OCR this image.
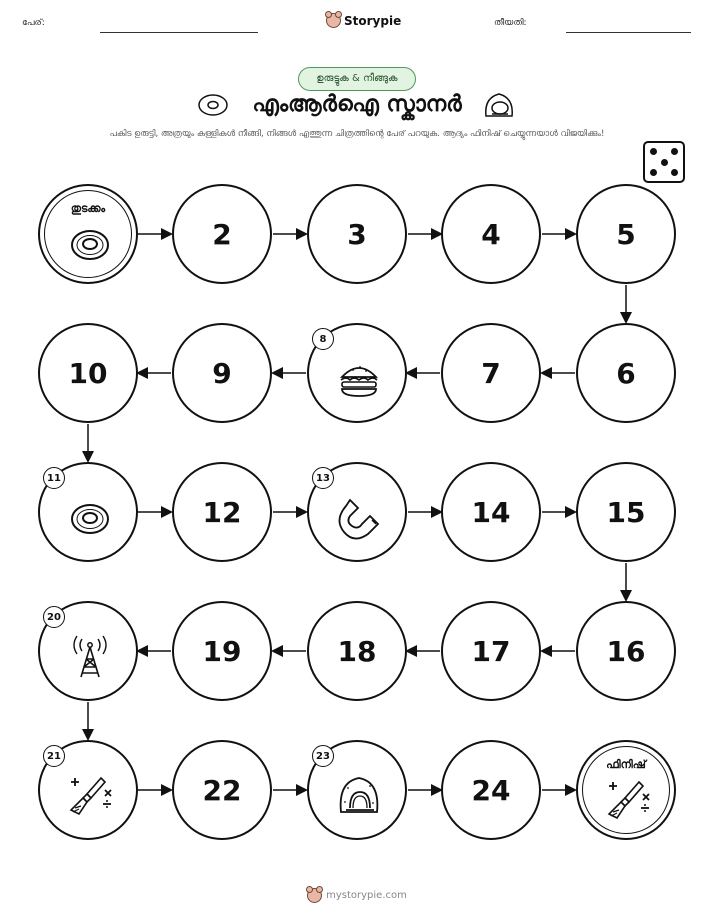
പേര്:	Storypie	തീയതി:
ഉരുട്ടുക & നീങ്ങുക
എംആർഐ സ്കാനർ
പകിട ഉരുട്ടി, അത്രയും കള്ളികൾ നീങ്ങി, നിങ്ങൾ എത്തുന്ന ചിത്രത്തിന്റെ പേര് പറയുക. ആദ്യം ഫിനിഷ് ചെയ്യുന്നയാൾ വിജയിക്കും!
തുടക്കം
2	3	4	5
6
7
8
9
10
11
12
13
14	15
16
17
18
19
20
21
22
23
24
ഫിനിഷ്
mystorypie.com
